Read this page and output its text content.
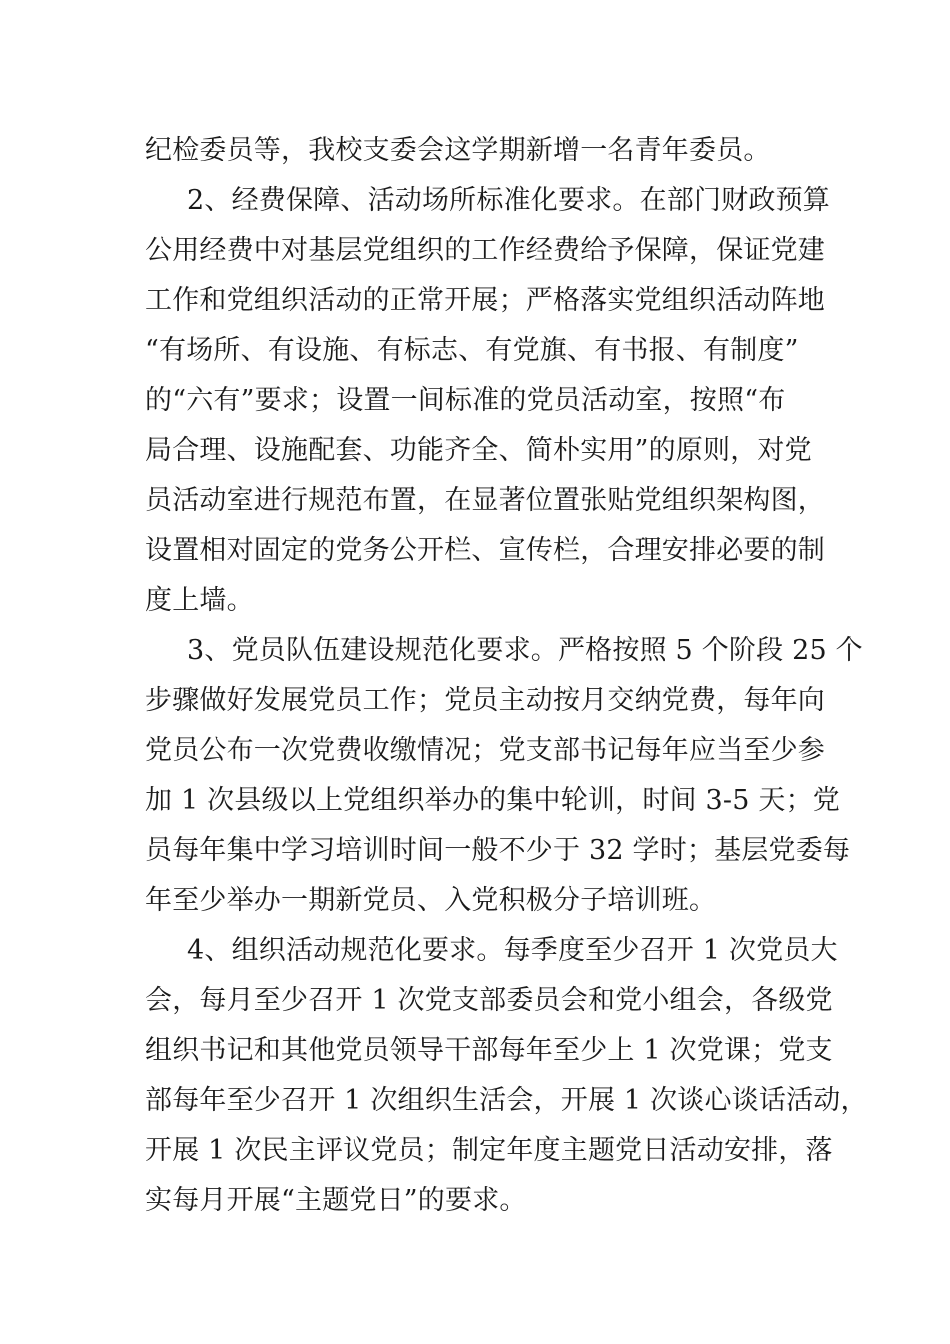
纪检委员等，我校支委会这学期新增一名青年委员。
2、经费保障、活动场所标准化要求。在部门财政预算
公用经费中对基层党组织的工作经费给予保障，保证党建
工作和党组织活动的正常开展；严格落实党组织活动阵地
“有场所、有设施、有标志、有党旗、有书报、有制度”
的“六有”要求；设置一间标准的党员活动室，按照“布
局合理、设施配套、功能齐全、简朴实用”的原则，对党
员活动室进行规范布置，在显著位置张贴党组织架构图，
设置相对固定的党务公开栏、宣传栏，合理安排必要的制
度上墙。
3、党员队伍建设规范化要求。严格按照 5 个阶段 25 个
步骤做好发展党员工作；党员主动按月交纳党费，每年向
党员公布一次党费收缴情况；党支部书记每年应当至少参
加 1 次县级以上党组织举办的集中轮训，时间 3-5 天；党
员每年集中学习培训时间一般不少于 32 学时；基层党委每
年至少举办一期新党员、入党积极分子培训班。
4、组织活动规范化要求。每季度至少召开 1 次党员大
会，每月至少召开 1 次党支部委员会和党小组会，各级党
组织书记和其他党员领导干部每年至少上 1 次党课；党支
部每年至少召开 1 次组织生活会，开展 1 次谈心谈话活动，
开展 1 次民主评议党员；制定年度主题党日活动安排，落
实每月开展“主题党日”的要求。
